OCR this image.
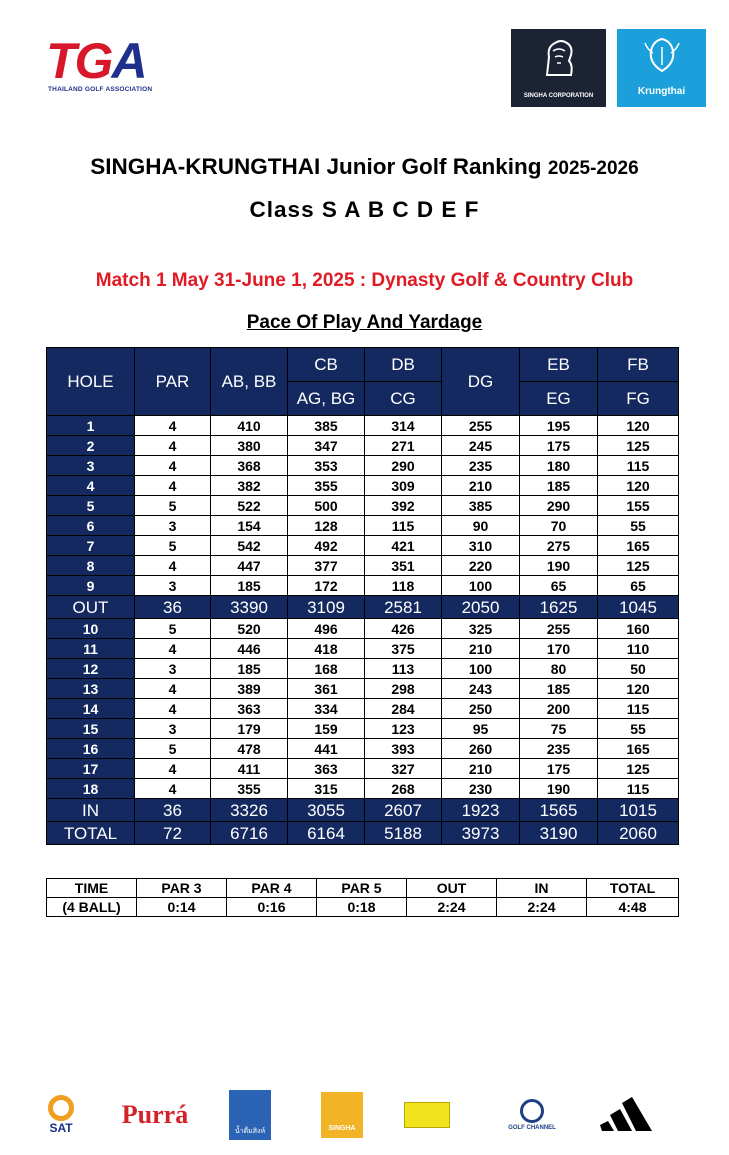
TGA
THAILAND GOLF ASSOCIATION
SINGHA CORPORATION	Krungthai
SINGHA-KRUNGTHAI Junior Golf Ranking 2025-2026
Class S A B C D E F
Match 1 May 31-June 1, 2025 : Dynasty Golf & Country Club
Pace Of Play And Yardage
HOLE	PAR	AB, BB	CB	DB	DG	EB	FB
			AG, BG	CG		EG	FG
1	4	410	385	314	255	195	120
2	4	380	347	271	245	175	125
3	4	368	353	290	235	180	115
4	4	382	355	309	210	185	120
5	5	522	500	392	385	290	155
6	3	154	128	115	90	70	55
7	5	542	492	421	310	275	165
8	4	447	377	351	220	190	125
9	3	185	172	118	100	65	65
OUT	36	3390	3109	2581	2050	1625	1045
10	5	520	496	426	325	255	160
11	4	446	418	375	210	170	110
12	3	185	168	113	100	80	50
13	4	389	361	298	243	185	120
14	4	363	334	284	250	200	115
15	3	179	159	123	95	75	55
16	5	478	441	393	260	235	165
17	4	411	363	327	210	175	125
18	4	355	315	268	230	190	115
IN	36	3326	3055	2607	1923	1565	1015
TOTAL	72	6716	6164	5188	3973	3190	2060
TIME	PAR 3	PAR 4	PAR 5	OUT	IN	TOTAL
(4 BALL)	0:14	0:16	0:18	2:24	2:24	4:48
SAT Purrá
น้ำดื่มสิงห์	SINGHA	GOLF CHANNEL
